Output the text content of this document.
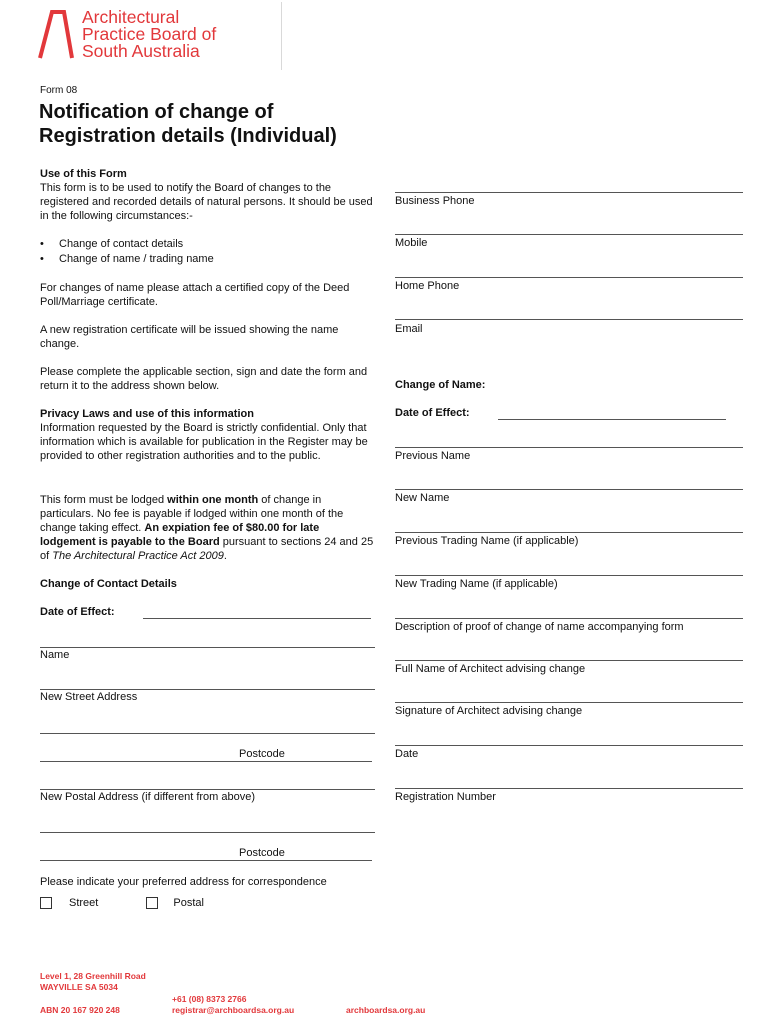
Architectural
Practice Board of
South Australia
Form 08
Notification of change of
Registration details (Individual)
Use of this Form
This form is to be used to notify the Board of changes to the registered and recorded details of natural persons. It should be used in the following circumstances:-
•	Change of contact details
•	Change of name / trading name
For changes of name please attach a certified copy of the Deed Poll/Marriage certificate.
A new registration certificate will be issued showing the name change.
Please complete the applicable section, sign and date the form and return it to the address shown below.
Privacy Laws and use of this information
Information requested by the Board is strictly confidential. Only that information which is available for publication in the Register may be provided to other registration authorities and to the public.
This form must be lodged within one month of change in particulars. No fee is payable if lodged within one month of the change taking effect. An expiation fee of $80.00 for late lodgement is payable to the Board pursuant to sections 24 and 25 of The Architectural Practice Act 2009.
Change of Contact Details
Date of Effect:
Name
New Street Address
Postcode
New Postal Address (if different from above)
Postcode
Please indicate your preferred address for correspondence
Street	Postal
Business Phone
Mobile
Home Phone
Email
Change of Name:
Date of Effect:
Previous Name
New Name
Previous Trading Name (if applicable)
New Trading Name (if applicable)
Description of proof of change of name accompanying form
Full Name of Architect advising change
Signature of Architect advising change
Date
Registration Number
Level 1, 28 Greenhill Road
WAYVILLE SA 5034
ABN 20 167 920 248
+61 (08) 8373 2766
registrar@archboardsa.org.au	archboardsa.org.au
